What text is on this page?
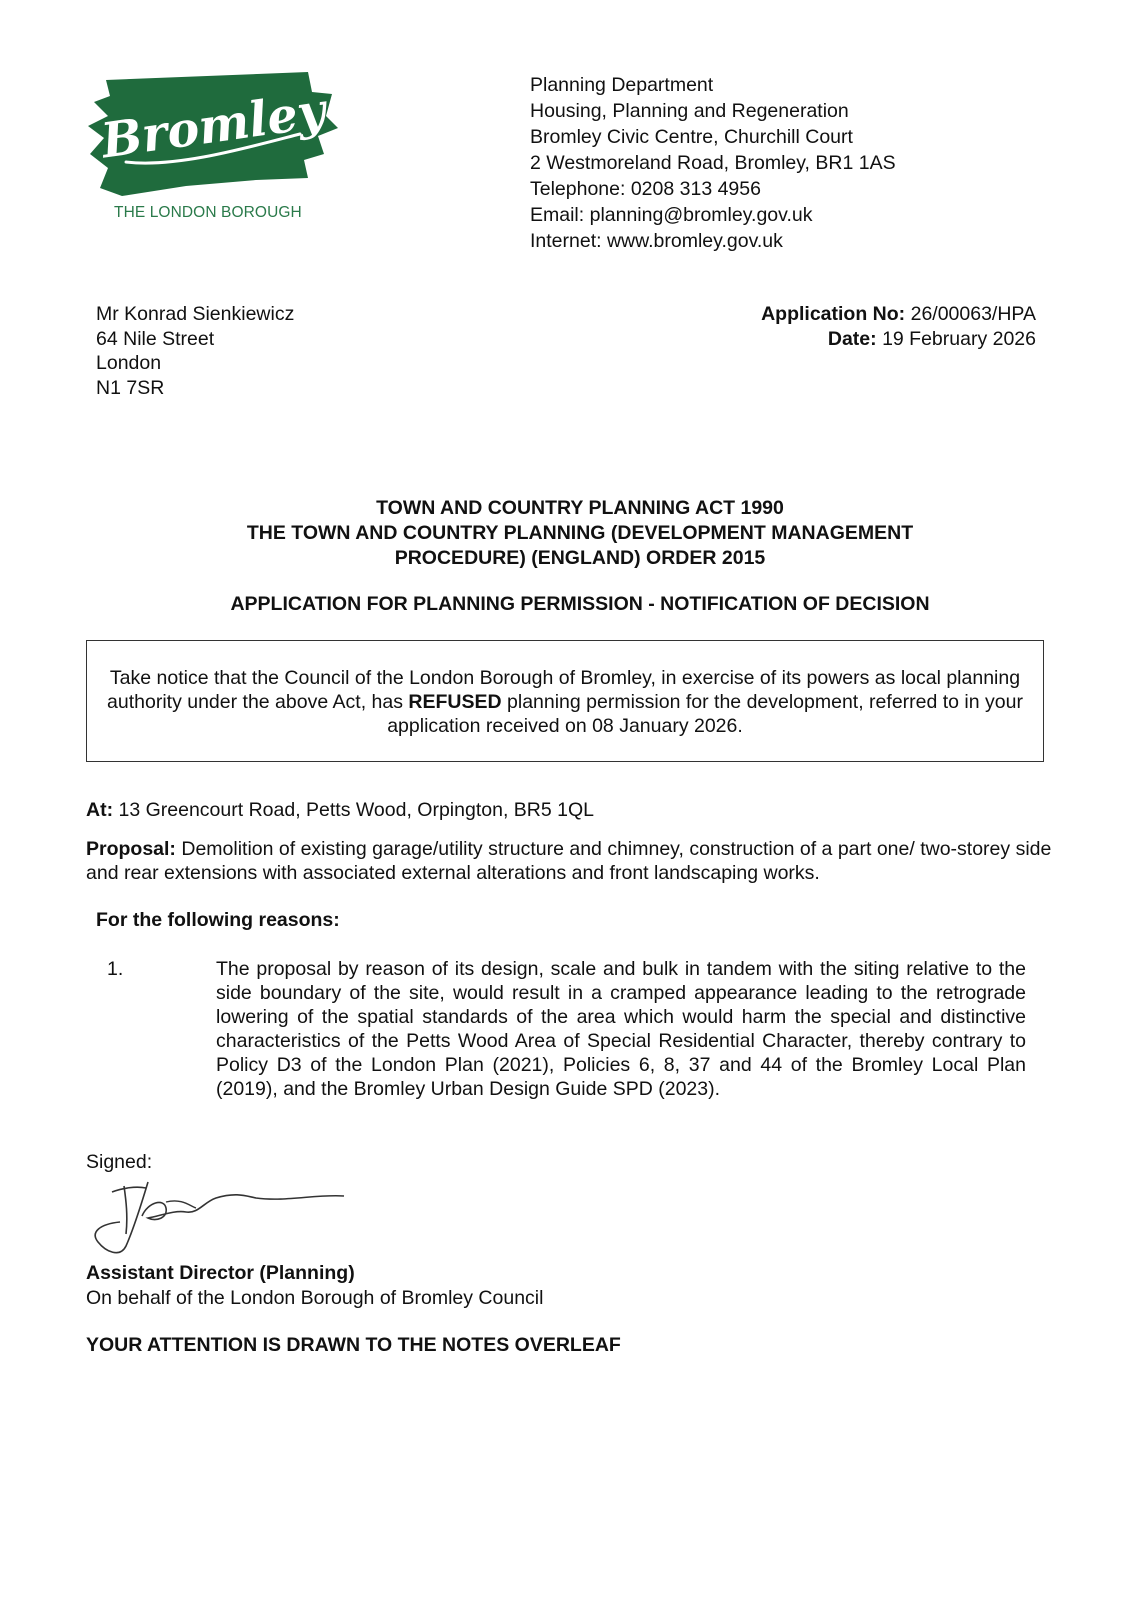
Bromley
THE LONDON BOROUGH
Planning Department
Housing, Planning and Regeneration
Bromley Civic Centre, Churchill Court
2 Westmoreland Road, Bromley, BR1 1AS
Telephone: 0208 313 4956
Email: planning@bromley.gov.uk
Internet: www.bromley.gov.uk
Mr Konrad Sienkiewicz
64 Nile Street
London
N1 7SR
Application No: 26/00063/HPA
Date: 19 February 2026
TOWN AND COUNTRY PLANNING ACT 1990
THE TOWN AND COUNTRY PLANNING (DEVELOPMENT MANAGEMENT
PROCEDURE) (ENGLAND) ORDER 2015
APPLICATION FOR PLANNING PERMISSION - NOTIFICATION OF DECISION
Take notice that the Council of the London Borough of Bromley, in exercise of its powers as local planning authority under the above Act, has REFUSED planning permission for the development, referred to in your application received on 08 January 2026.
At: 13 Greencourt Road, Petts Wood, Orpington, BR5 1QL
Proposal: Demolition of existing garage/utility structure and chimney, construction of a part one/ two-storey side and rear extensions with associated external alterations and front landscaping works.
For the following reasons:
1.	The proposal by reason of its design, scale and bulk in tandem with the siting relative to the side boundary of the site, would result in a cramped appearance leading to the retrograde lowering of the spatial standards of the area which would harm the special and distinctive characteristics of the Petts Wood Area of Special Residential Character, thereby contrary to Policy D3 of the London Plan (2021), Policies 6, 8, 37 and 44 of the Bromley Local Plan (2019), and the Bromley Urban Design Guide SPD (2023).
Signed:
Assistant Director (Planning)
On behalf of the London Borough of Bromley Council
YOUR ATTENTION IS DRAWN TO THE NOTES OVERLEAF
